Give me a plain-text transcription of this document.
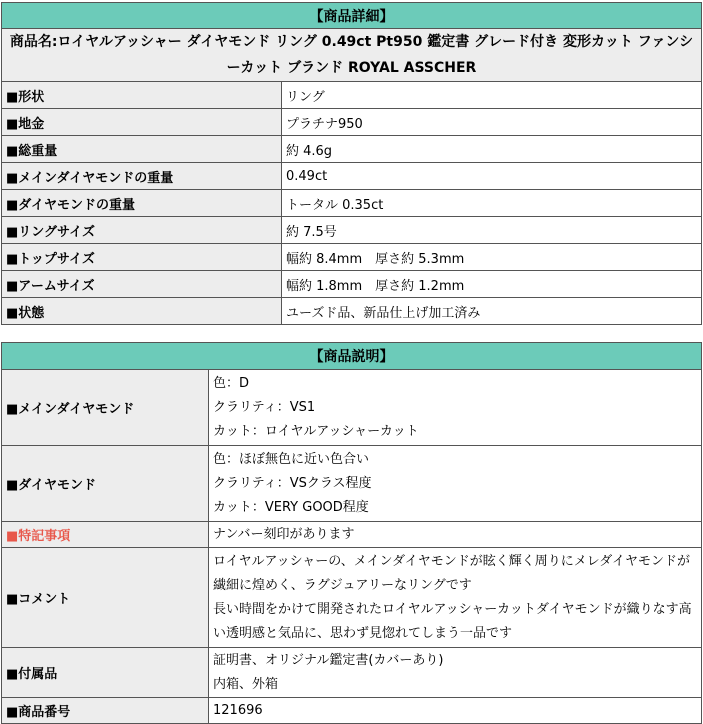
【商品詳細】	
商品名:ロイヤルアッシャー ダイヤモンド リング 0.49ct Pt950 鑑定書 グレード付き 変形カット ファンシーカット ブランド ROYAL ASSCHER	
■形状	リング
■地金	プラチナ950
■総重量	約 4.6g
■メインダイヤモンドの重量	0.49ct
■ダイヤモンドの重量	トータル 0.35ct
■リングサイズ	約 7.5号
■トップサイズ	幅約 8.4mm　厚さ約 5.3mm
■アームサイズ	幅約 1.8mm　厚さ約 1.2mm
■状態	ユーズド品、新品仕上げ加工済み
【商品説明】	
■メインダイヤモンド	色：D
クラリティ：VS1
カット：ロイヤルアッシャーカット

■ダイヤモンド	色：ほぼ無色に近い色合い
クラリティ：VSクラス程度
カット：VERY GOOD程度

■特記事項	ナンバー刻印があります
■コメント	ロイヤルアッシャーの、メインダイヤモンドが眩く輝く周りにメレダイヤモンドが繊細に煌めく、ラグジュアリーなリングです
長い時間をかけて開発されたロイヤルアッシャーカットダイヤモンドが織りなす高い透明感と気品に、思わず見惚れてしまう一品です

■付属品	証明書、オリジナル鑑定書(カバーあり)
内箱、外箱

■商品番号	121696
